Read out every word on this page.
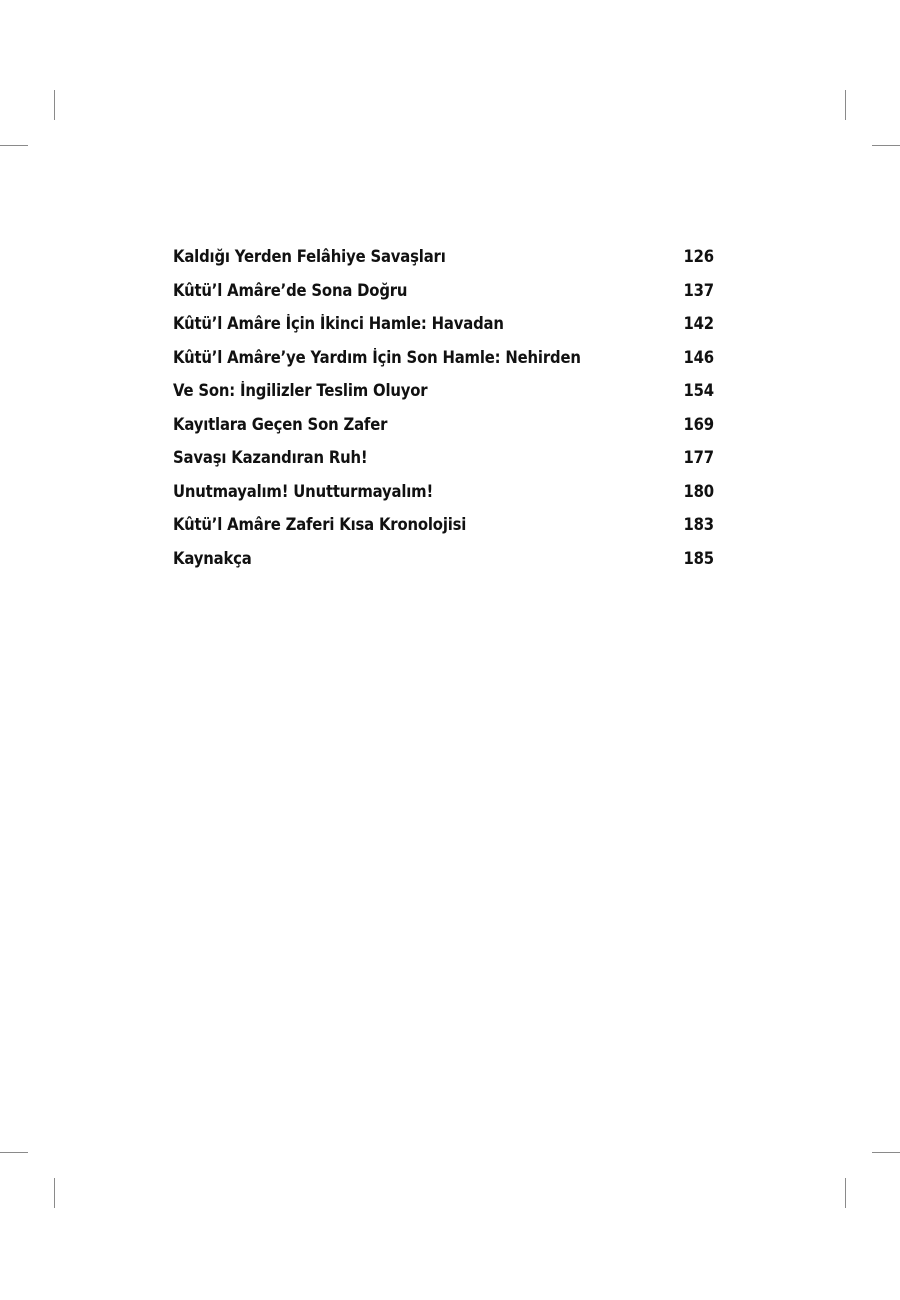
Kaldığı Yerden Felâhiye Savaşları	126
Kûtü’l Amâre’de Sona Doğru	137
Kûtü’l Amâre İçin İkinci Hamle: Havadan	142
Kûtü’l Amâre’ye Yardım İçin Son Hamle: Nehirden	146
Ve Son: İngilizler Teslim Oluyor	154
Kayıtlara Geçen Son Zafer	169
Savaşı Kazandıran Ruh!	177
Unutmayalım! Unutturmayalım!	180
Kûtü’l Amâre Zaferi Kısa Kronolojisi	183
Kaynakça	185
